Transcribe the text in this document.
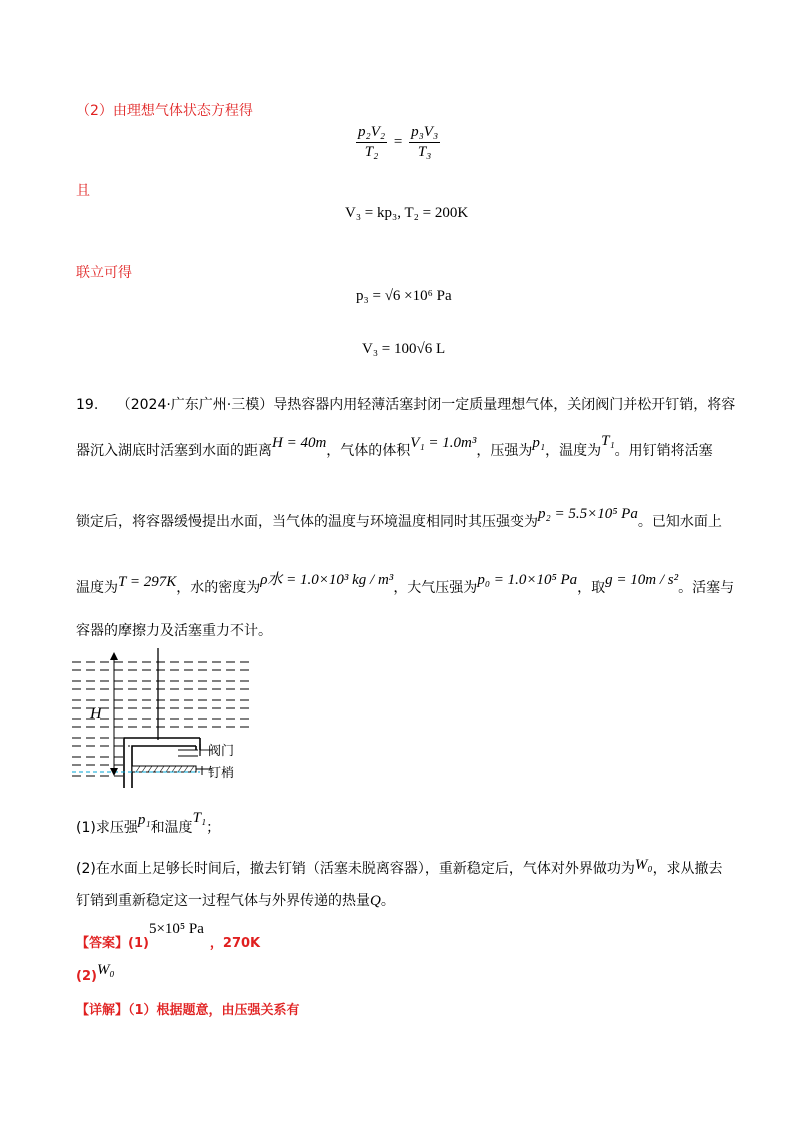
（2）由理想气体状态方程得
$\frac{\text{p₂V₂}}{\text{T₂}} = \frac{\text{p₃V₃}}{\text{T₃}}$
且
V₃ = kp₃, T₂ = 200K
联立可得
p₃ = √6 ×10⁶ Pa
V₃ = 100√6 L
19. （2024·广东广州·三模）导热容器内用轻薄活塞封闭一定质量理想气体，关闭阀门并松开钉销，将容
器沉入湖底时活塞到水面的距离H = 40m，气体的体积V₁ = 1.0m³，压强为p₁，温度为T₁。用钉销将活塞
锁定后，将容器缓慢提出水面，当气体的温度与环境温度相同时其压强变为p₂ = 5.5×10⁵ Pa。已知水面上
温度为T = 297K，水的密度为ρ水 = 1.0×10³ kg / m³，大气压强为p₀ = 1.0×10⁵ Pa，取g = 10m / s²。活塞与
容器的摩擦力及活塞重力不计。
H
阀门
钉梢
(1)求压强p₁和温度T₁；
(2)在水面上足够长时间后，撤去钉销（活塞未脱离容器），重新稳定后，气体对外界做功为W₀，求从撤去
钉销到重新稳定这一过程气体与外界传递的热量Q。
【答案】(1)5×10⁵ Pa，270K
(2)W₀
【详解】（1）根据题意，由压强关系有
